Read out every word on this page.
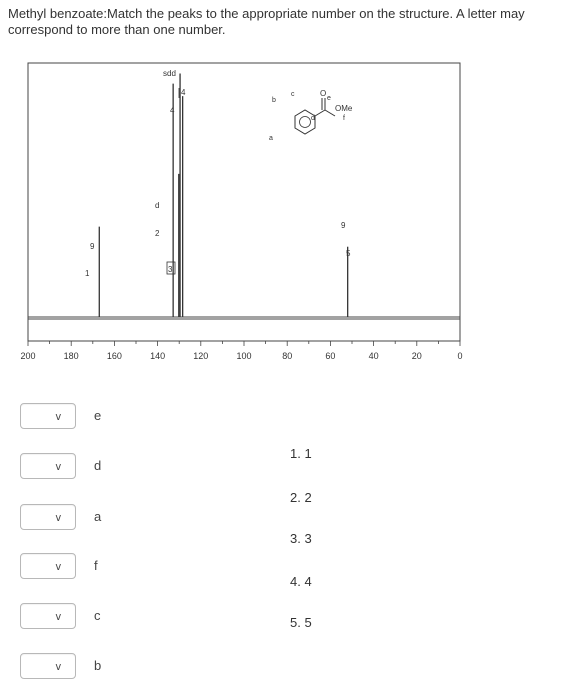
Methyl benzoate:Match the peaks to the appropriate number on the structure. A letter may correspond to more than one number.
200	180	160	140	120	100	80	60	40	20	0
sdd
4
4
d
2
3
9
1
9
5
O
e
b
c
d
a
OMe
f
v	e
v	d
v	a
v	f
v	c
v	b
1. 1
2. 2
3. 3
4. 4
5. 5
